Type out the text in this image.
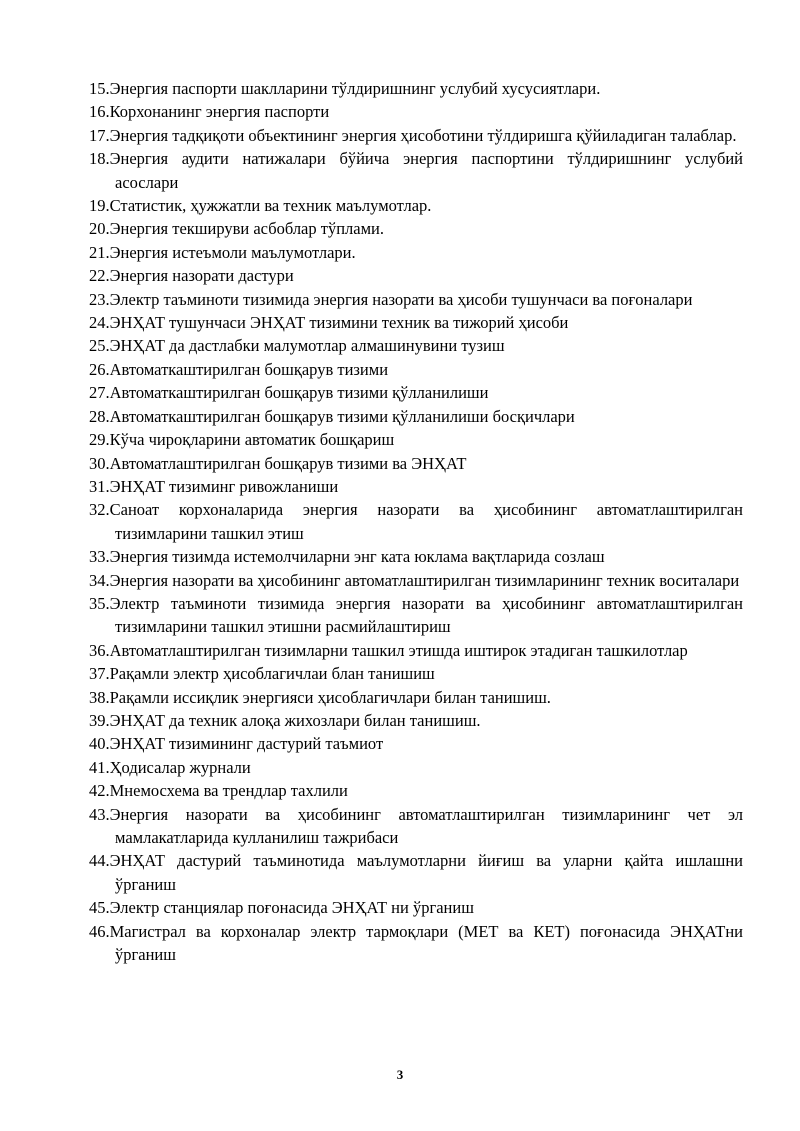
15.Энергия паспорти шаклларини тўлдиришнинг услубий хусусиятлари.
16.Корхонанинг энергия паспорти
17.Энергия тадқиқоти объектининг энергия ҳисоботини тўлдиришга қўйиладиган талаблар.
18.Энергия аудити натижалари бўйича энергия паспортини тўлдиришнинг услубий асослари
19.Статистик, ҳужжатли ва техник маълумотлар.
20.Энергия текшируви асбоблар тўплами.
21.Энергия истеъмоли маълумотлари.
22.Энергия назорати дастури
23.Электр таъминоти тизимида энергия назорати ва ҳисоби тушунчаси ва поғоналари
24.ЭНҲАТ тушунчаси ЭНҲАТ тизимини техник ва тижорий ҳисоби
25.ЭНҲАТ да дастлабки малумотлар алмашинувини тузиш
26.Автоматкаштирилган бошқарув тизими
27.Автоматкаштирилган бошқарув тизими қўлланилиши
28.Автоматкаштирилган бошқарув тизими қўлланилиши босқичлари
29.Кўча чироқларини автоматик бошқариш
30.Автоматлаштирилган бошқарув тизими ва ЭНҲАТ
31.ЭНҲАТ тизиминг ривожланиши
32.Саноат корхоналарида энергия назорати ва ҳисобининг автоматлаштирилган тизимларини ташкил этиш
33.Энергия тизимда истемолчиларни энг ката юклама вақтларида созлаш
34.Энергия назорати ва ҳисобининг автоматлаштирилган тизимларининг техник воситалари
35.Электр таъминоти тизимида энергия назорати ва ҳисобининг автоматлаштирилган тизимларини ташкил этишни расмийлаштириш
36.Автоматлаштирилган тизимларни ташкил этишда иштирок этадиган ташкилотлар
37.Рақамли электр ҳисоблагичлаи блан танишиш
38.Рақамли иссиқлик энергияси ҳисоблагичлари билан танишиш.
39.ЭНҲАТ да техник алоқа жихозлари билан танишиш.
40.ЭНҲАТ тизимининг дастурий таъмиот
41.Ҳодисалар журнали
42.Мнемосхема ва трендлар тахлили
43.Энергия назорати ва ҳисобининг автоматлаштирилган тизимларининг чет эл мамлакатларида кулланилиш тажрибаси
44.ЭНҲАТ дастурий таъминотида маълумотларни йиғиш ва уларни қайта ишлашни ўрганиш
45.Электр станциялар поғонасида ЭНҲАТ ни ўрганиш
46.Магистрал ва корхоналар электр тармоқлари (МЕТ ва КЕТ) поғонасида ЭНҲАТни ўрганиш
3
